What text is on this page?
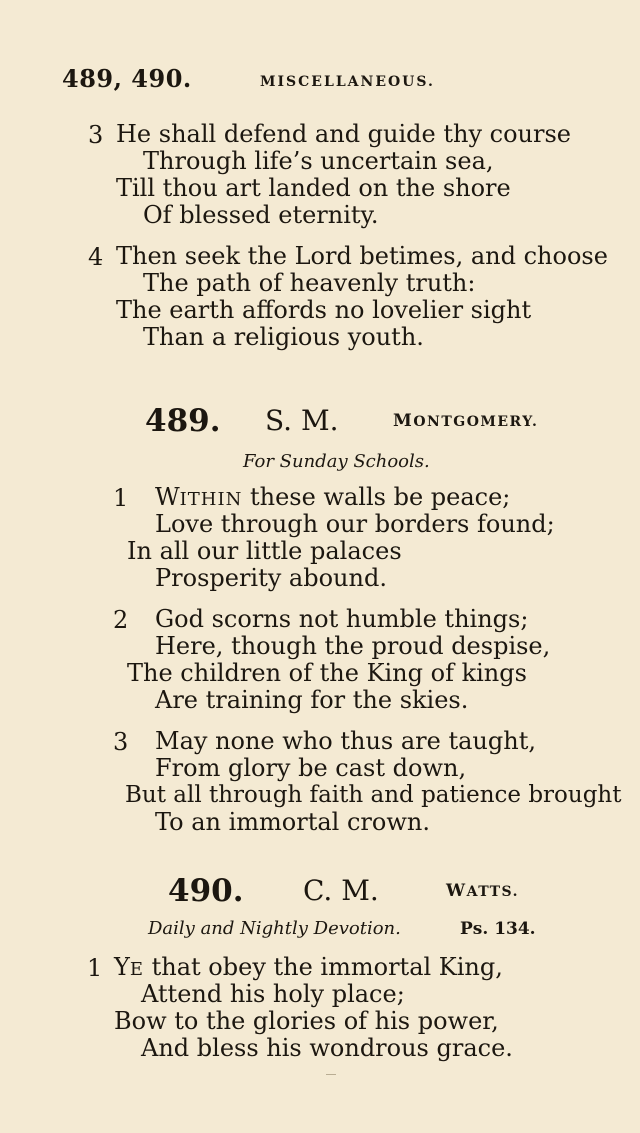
489, 490.	MISCELLANEOUS.
3 He shall defend and guide thy course
Through life’s uncertain sea,
Till thou art landed on the shore
Of blessed eternity.
4 Then seek the Lord betimes, and choose
The path of heavenly truth:
The earth affords no lovelier sight
Than a religious youth.
489. S. M.	MONTGOMERY.
For Sunday Schools.
1 WITHIN these walls be peace;
Love through our borders found;
In all our little palaces
Prosperity abound.
2 God scorns not humble things;
Here, though the proud despise,
The children of the King of kings
Are training for the skies.
3 May none who thus are taught,
From glory be cast down,
But all through faith and patience brought
To an immortal crown.
490. C. M.	WATTS.
Daily and Nightly Devotion.	Ps. 134.
1 YE that obey the immortal King,
Attend his holy place;
Bow to the glories of his power,
And bless his wondrous grace.
